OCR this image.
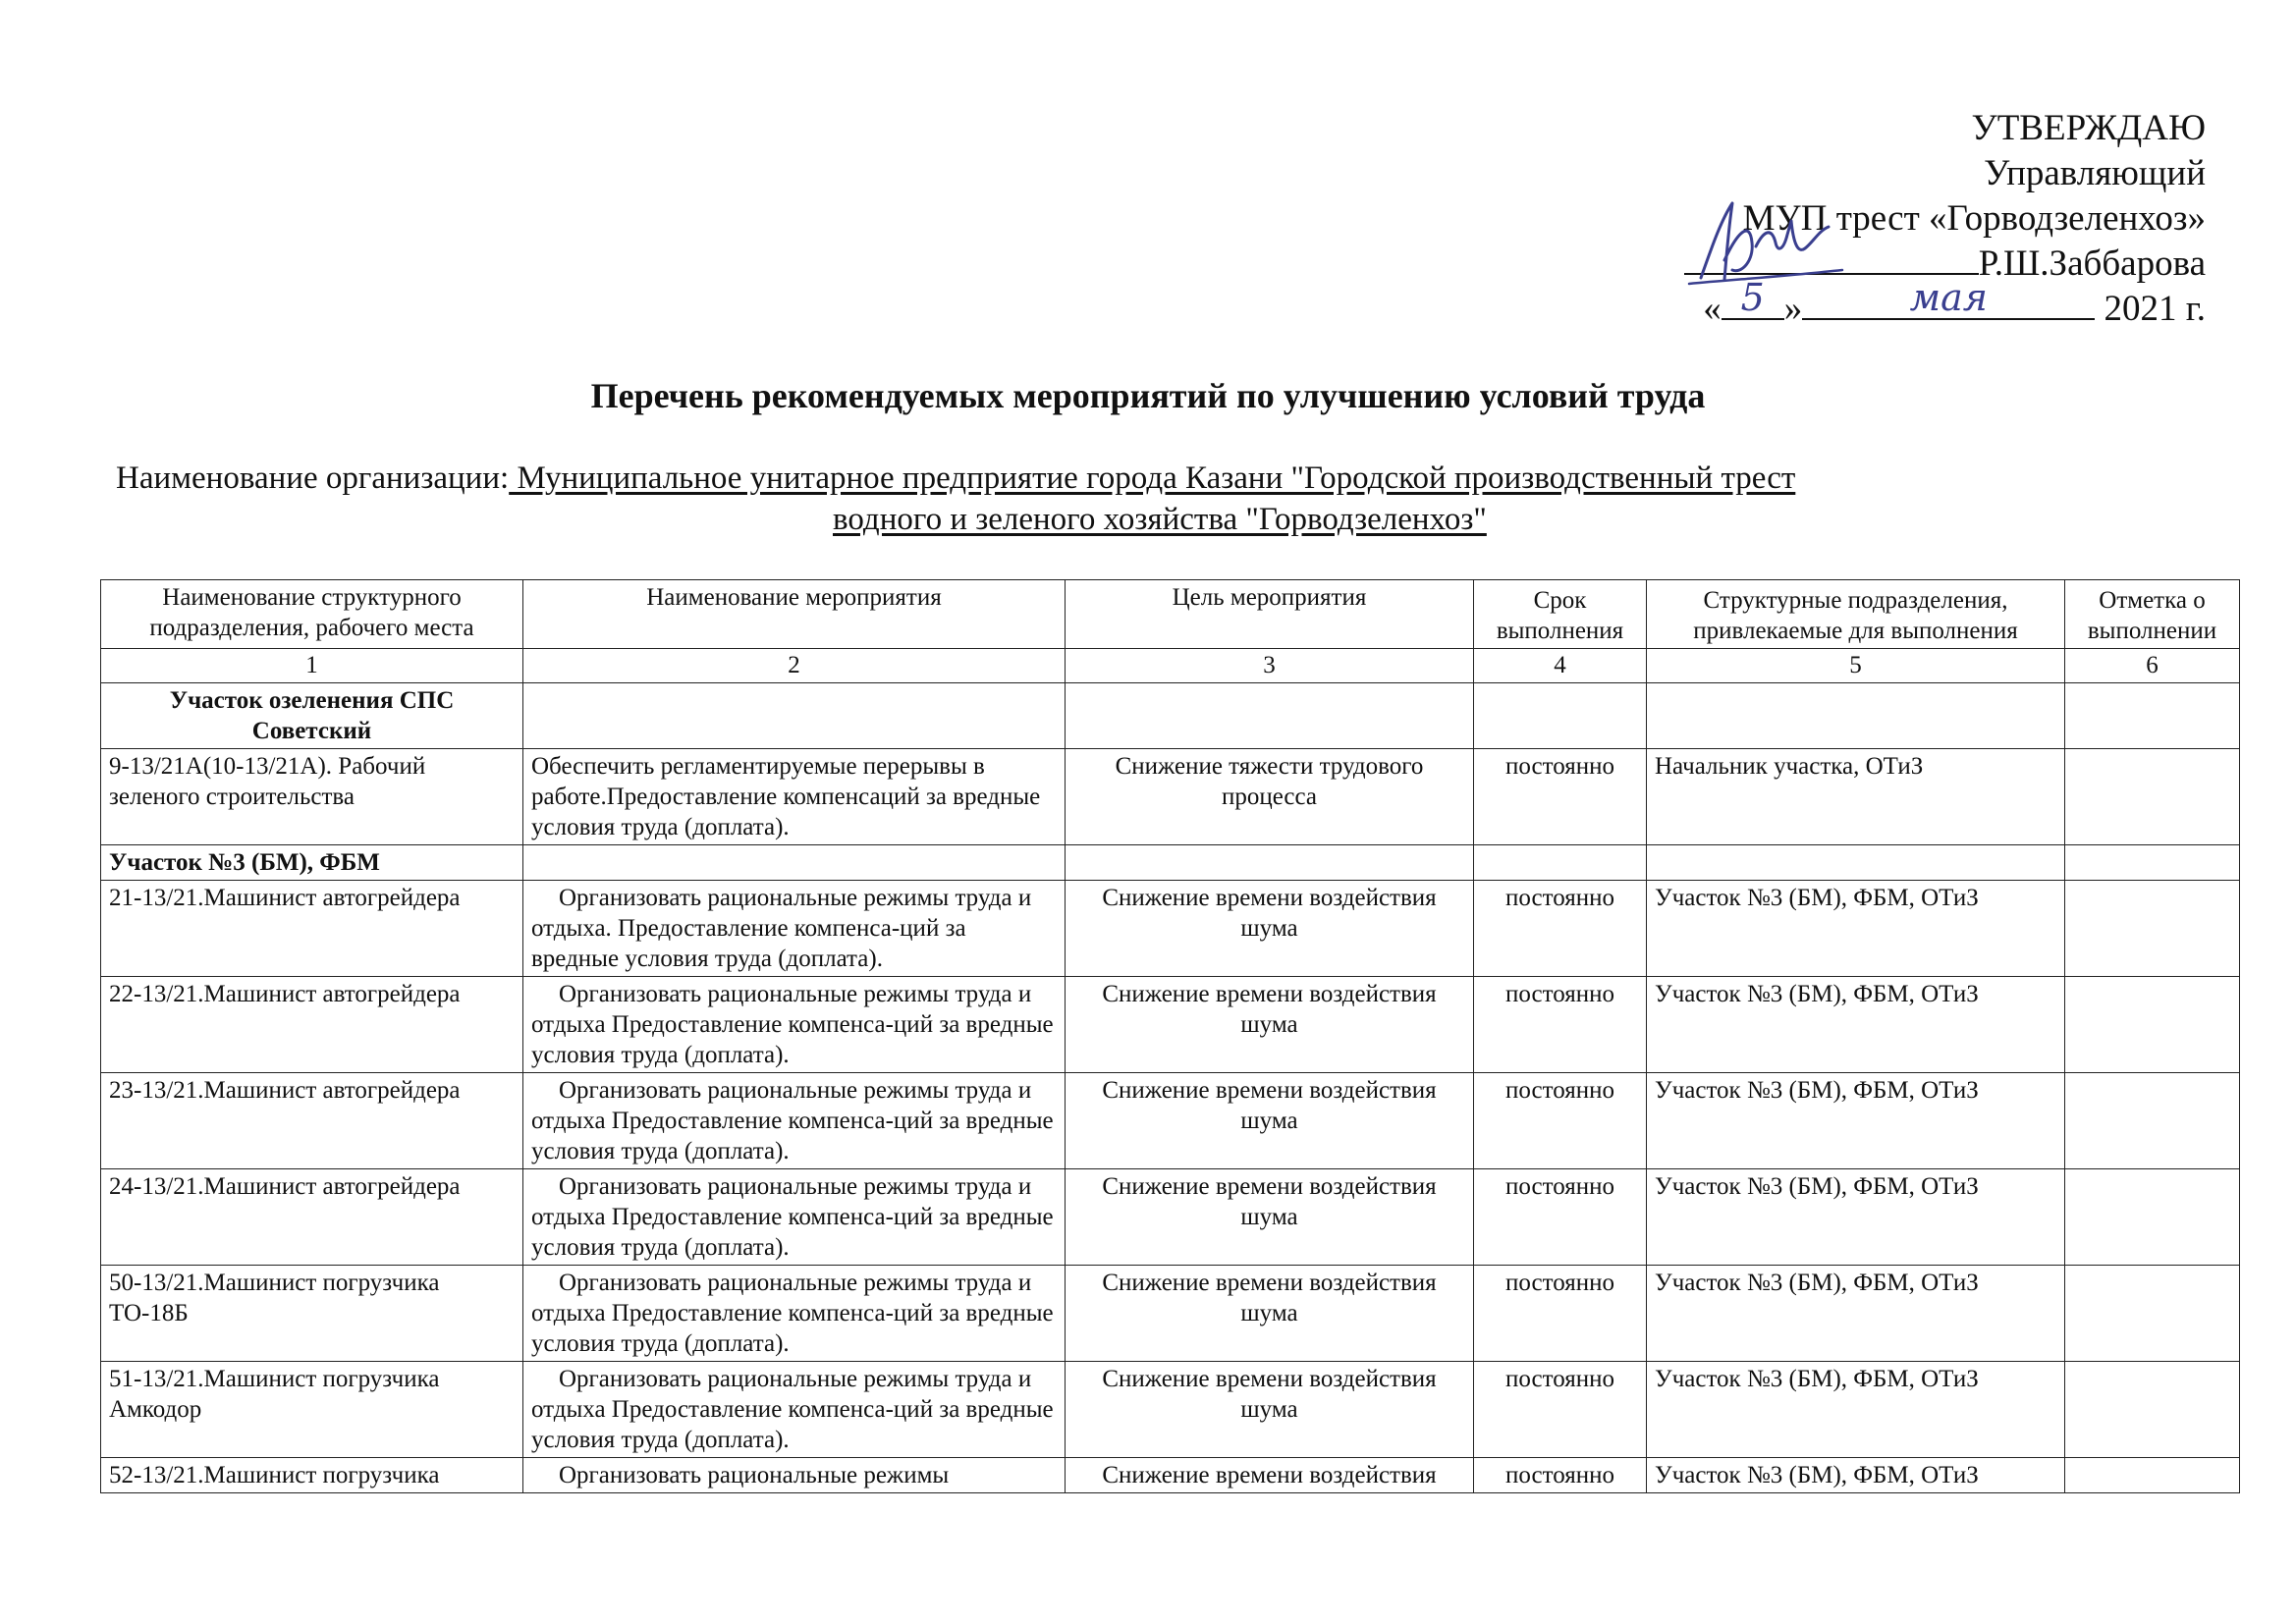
УТВЕРЖДАЮ
Управляющий
МУП трест «Горводзеленхоз»
Р.Ш.Заббарова
« 5 »	мая	2021 г.
Перечень рекомендуемых мероприятий по улучшению условий труда
Наименование организации: Муниципальное унитарное предприятие города Казани "Городской производственный трест
водного и зеленого хозяйства "Горводзеленхоз"
Наименование структурного подразделения, рабочего места	Наименование мероприятия	Цель мероприятия	Срок выполнения	Структурные подразделения, привлекаемые для выполнения	Отметка о выполнении
1	2	3	4	5	6
Участок озеленения СПС Советский					
9-13/21А(10-13/21А). Рабочий зеленого строительства	Обеспечить регламентируемые перерывы в работе.Предоставление компенсаций за вредные условия труда (доплата).	Снижение тяжести трудового процесса	постоянно	Начальник участка, ОТиЗ	
Участок №3 (БМ), ФБМ					
21-13/21.Машинист автогрейдера	Организовать рациональные режимы труда и отдыха. Предоставление компенса-ций за вредные условия труда (доплата).	Снижение времени воздействия шума	постоянно	Участок №3 (БМ), ФБМ, ОТиЗ	
22-13/21.Машинист автогрейдера	Организовать рациональные режимы труда и отдыха Предоставление компенса-ций за вредные условия труда (доплата).	Снижение времени воздействия шума	постоянно	Участок №3 (БМ), ФБМ, ОТиЗ	
23-13/21.Машинист автогрейдера	Организовать рациональные режимы труда и отдыха Предоставление компенса-ций за вредные условия труда (доплата).	Снижение времени воздействия шума	постоянно	Участок №3 (БМ), ФБМ, ОТиЗ	
24-13/21.Машинист автогрейдера	Организовать рациональные режимы труда и отдыха Предоставление компенса-ций за вредные условия труда (доплата).	Снижение времени воздействия шума	постоянно	Участок №3 (БМ), ФБМ, ОТиЗ	
50-13/21.Машинист погрузчика ТО-18Б	Организовать рациональные режимы труда и отдыха Предоставление компенса-ций за вредные условия труда (доплата).	Снижение времени воздействия шума	постоянно	Участок №3 (БМ), ФБМ, ОТиЗ	
51-13/21.Машинист погрузчика Амкодор	Организовать рациональные режимы труда и отдыха Предоставление компенса-ций за вредные условия труда (доплата).	Снижение времени воздействия шума	постоянно	Участок №3 (БМ), ФБМ, ОТиЗ	
52-13/21.Машинист погрузчика	Организовать рациональные режимы	Снижение времени воздействия	постоянно	Участок №3 (БМ), ФБМ, ОТиЗ	
